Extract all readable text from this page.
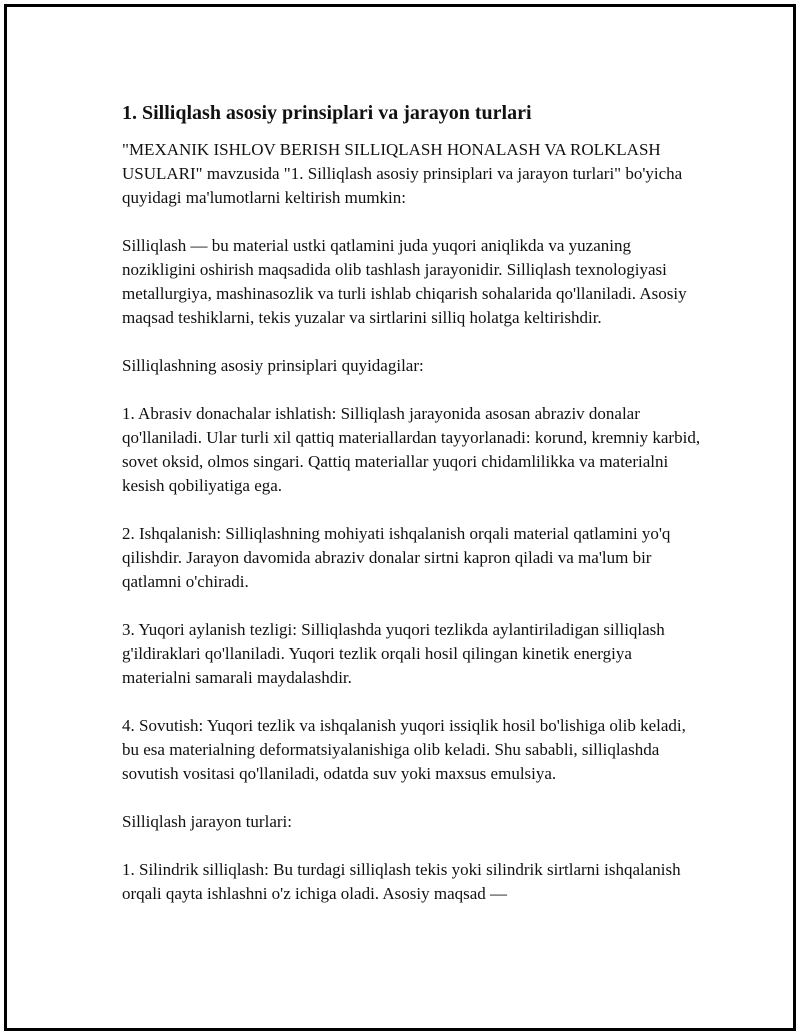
1. Silliqlash asosiy prinsiplari va jarayon turlari

"MEXANIK ISHLOV BERISH SILLIQLASH HONALASH VA ROLKLASH USULARI" mavzusida "1. Silliqlash asosiy prinsiplari va jarayon turlari" bo'yicha quyidagi ma'lumotlarni keltirish mumkin:

Silliqlash — bu material ustki qatlamini juda yuqori aniqlikda va yuzaning nozikligini oshirish maqsadida olib tashlash jarayonidir. Silliqlash texnologiyasi metallurgiya, mashinasozlik va turli ishlab chiqarish sohalarida qo'llaniladi. Asosiy maqsad teshiklarni, tekis yuzalar va sirtlarini silliq holatga keltirishdir.

Silliqlashning asosiy prinsiplari quyidagilar:

1. Abrasiv donachalar ishlatish: Silliqlash jarayonida asosan abraziv donalar qo'llaniladi. Ular turli xil qattiq materiallardan tayyorlanadi: korund, kremniy karbid, sovet oksid, olmos singari. Qattiq materiallar yuqori chidamlilikka va materialni kesish qobiliyatiga ega.

2. Ishqalanish: Silliqlashning mohiyati ishqalanish orqali material qatlamini yo'q qilishdir. Jarayon davomida abraziv donalar sirtni kapron qiladi va ma'lum bir qatlamni o'chiradi.

3. Yuqori aylanish tezligi: Silliqlashda yuqori tezlikda aylantiriladigan silliqlash g'ildiraklari qo'llaniladi. Yuqori tezlik orqali hosil qilingan kinetik energiya materialni samarali maydalashdir.

4. Sovutish: Yuqori tezlik va ishqalanish yuqori issiqlik hosil bo'lishiga olib keladi, bu esa materialning deformatsiyalanishiga olib keladi. Shu sababli, silliqlashda sovutish vositasi qo'llaniladi, odatda suv yoki maxsus emulsiya.

Silliqlash jarayon turlari:

1. Silindrik silliqlash: Bu turdagi silliqlash tekis yoki silindrik sirtlarni ishqalanish orqali qayta ishlashni o'z ichiga oladi. Asosiy maqsad —
